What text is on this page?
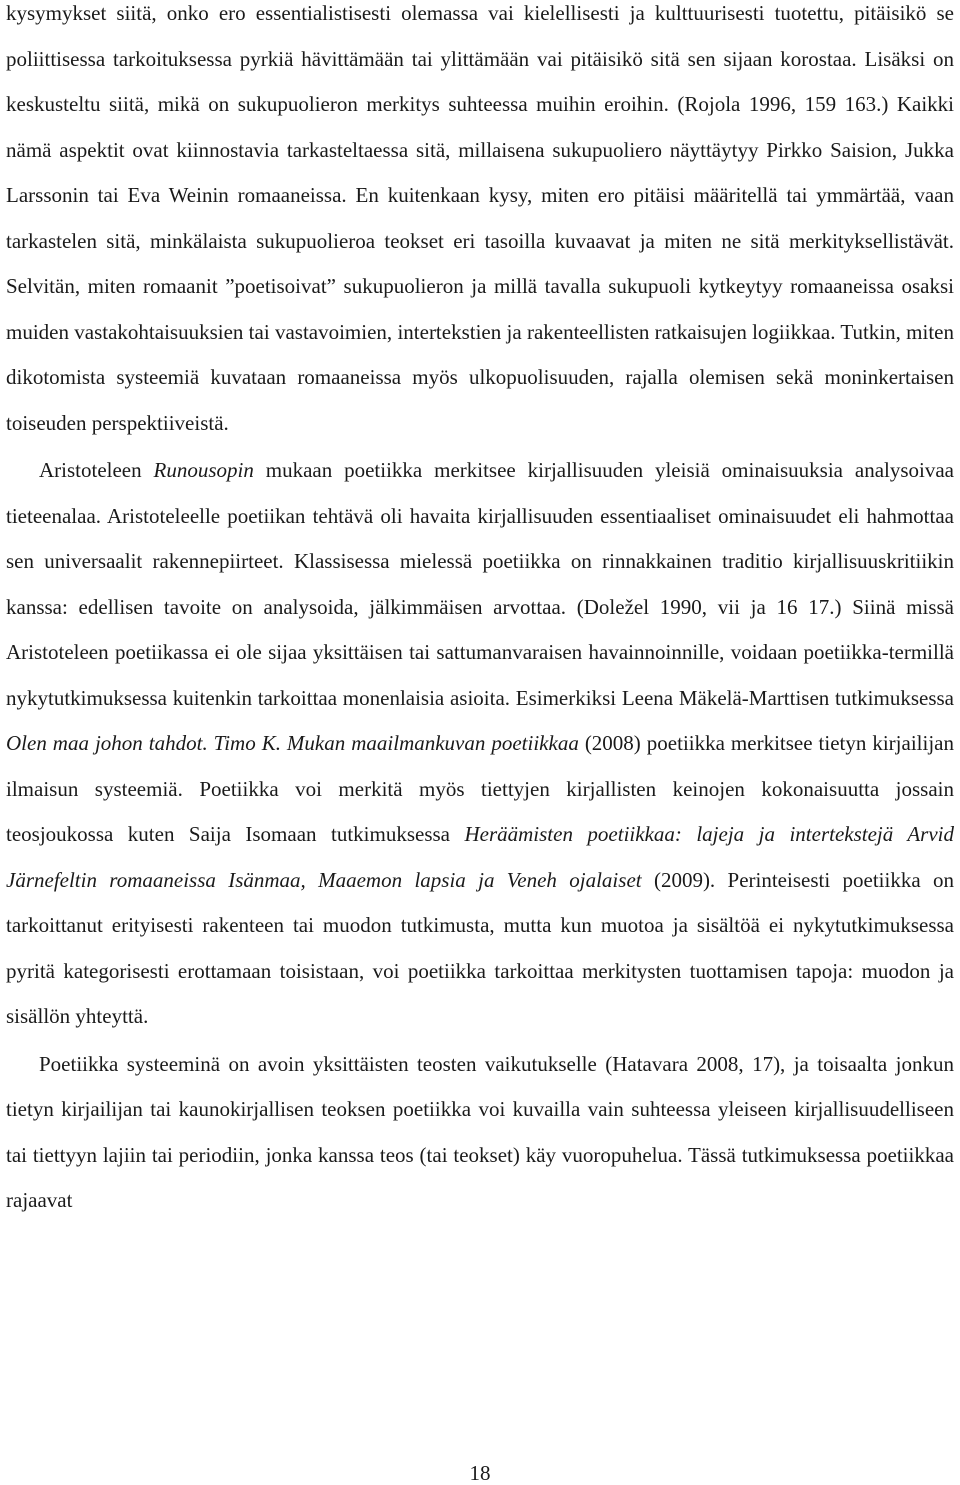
kysymykset siitä, onko ero essentialistisesti olemassa vai kielellisesti ja kulttuurisesti tuotettu, pitäisikö se poliittisessa tarkoituksessa pyrkiä hävittämään tai ylittämään vai pitäisikö sitä sen sijaan korostaa. Lisäksi on keskusteltu siitä, mikä on sukupuolieron merkitys suhteessa muihin eroihin. (Rojola 1996, 159 163.) Kaikki nämä aspektit ovat kiinnostavia tarkasteltaessa sitä, millaisena sukupuoliero näyttäytyy Pirkko Saision, Jukka Larssonin tai Eva Weinin romaaneissa. En kuitenkaan kysy, miten ero pitäisi määritellä tai ymmärtää, vaan tarkastelen sitä, minkälaista sukupuolieroa teokset eri tasoilla kuvaavat ja miten ne sitä merkityksellistävät. Selvitän, miten romaanit ”poetisoivat” sukupuolieron ja millä tavalla sukupuoli kytkeytyy romaaneissa osaksi muiden vastakohtaisuuksien tai vastavoimien, intertekstien ja rakenteellisten ratkaisujen logiikkaa. Tutkin, miten dikotomista systeemiä kuvataan romaaneissa myös ulkopuolisuuden, rajalla olemisen sekä moninkertaisen toiseuden perspektiiveistä.

Aristoteleen Runousopin mukaan poetiikka merkitsee kirjallisuuden yleisiä ominaisuuksia analysoivaa tieteenalaa. Aristoteleelle poetiikan tehtävä oli havaita kirjallisuuden essentiaaliset ominaisuudet eli hahmottaa sen universaalit rakennepiirteet. Klassisessa mielessä poetiikka on rinnakkainen traditio kirjallisuuskritiikin kanssa: edellisen tavoite on analysoida, jälkimmäisen arvottaa. (Doležel 1990, vii ja 16 17.) Siinä missä Aristoteleen poetiikassa ei ole sijaa yksittäisen tai sattumanvaraisen havainnoinnille, voidaan poetiikka-termillä nykytutkimuksessa kuitenkin tarkoittaa monenlaisia asioita. Esimerkiksi Leena Mäkelä-Marttisen tutkimuksessa Olen maa johon tahdot. Timo K. Mukan maailmankuvan poetiikkaa (2008) poetiikka merkitsee tietyn kirjailijan ilmaisun systeemiä. Poetiikka voi merkitä myös tiettyjen kirjallisten keinojen kokonaisuutta jossain teosjoukossa kuten Saija Isomaan tutkimuksessa Heräämisten poetiikkaa: lajeja ja intertekstejä Arvid Järnefeltin romaaneissa Isänmaa, Maaemon lapsia ja Veneh ojalaiset (2009). Perinteisesti poetiikka on tarkoittanut erityisesti rakenteen tai muodon tutkimusta, mutta kun muotoa ja sisältöä ei nykytutkimuksessa pyritä kategorisesti erottamaan toisistaan, voi poetiikka tarkoittaa merkitysten tuottamisen tapoja: muodon ja sisällön yhteyttä.

Poetiikka systeeminä on avoin yksittäisten teosten vaikutukselle (Hatavara 2008, 17), ja toisaalta jonkun tietyn kirjailijan tai kaunokirjallisen teoksen poetiikka voi kuvailla vain suhteessa yleiseen kirjallisuudelliseen tai tiettyyn lajiin tai periodiin, jonka kanssa teos (tai teokset) käy vuoropuhelua. Tässä tutkimuksessa poetiikkaa rajaavat

18
